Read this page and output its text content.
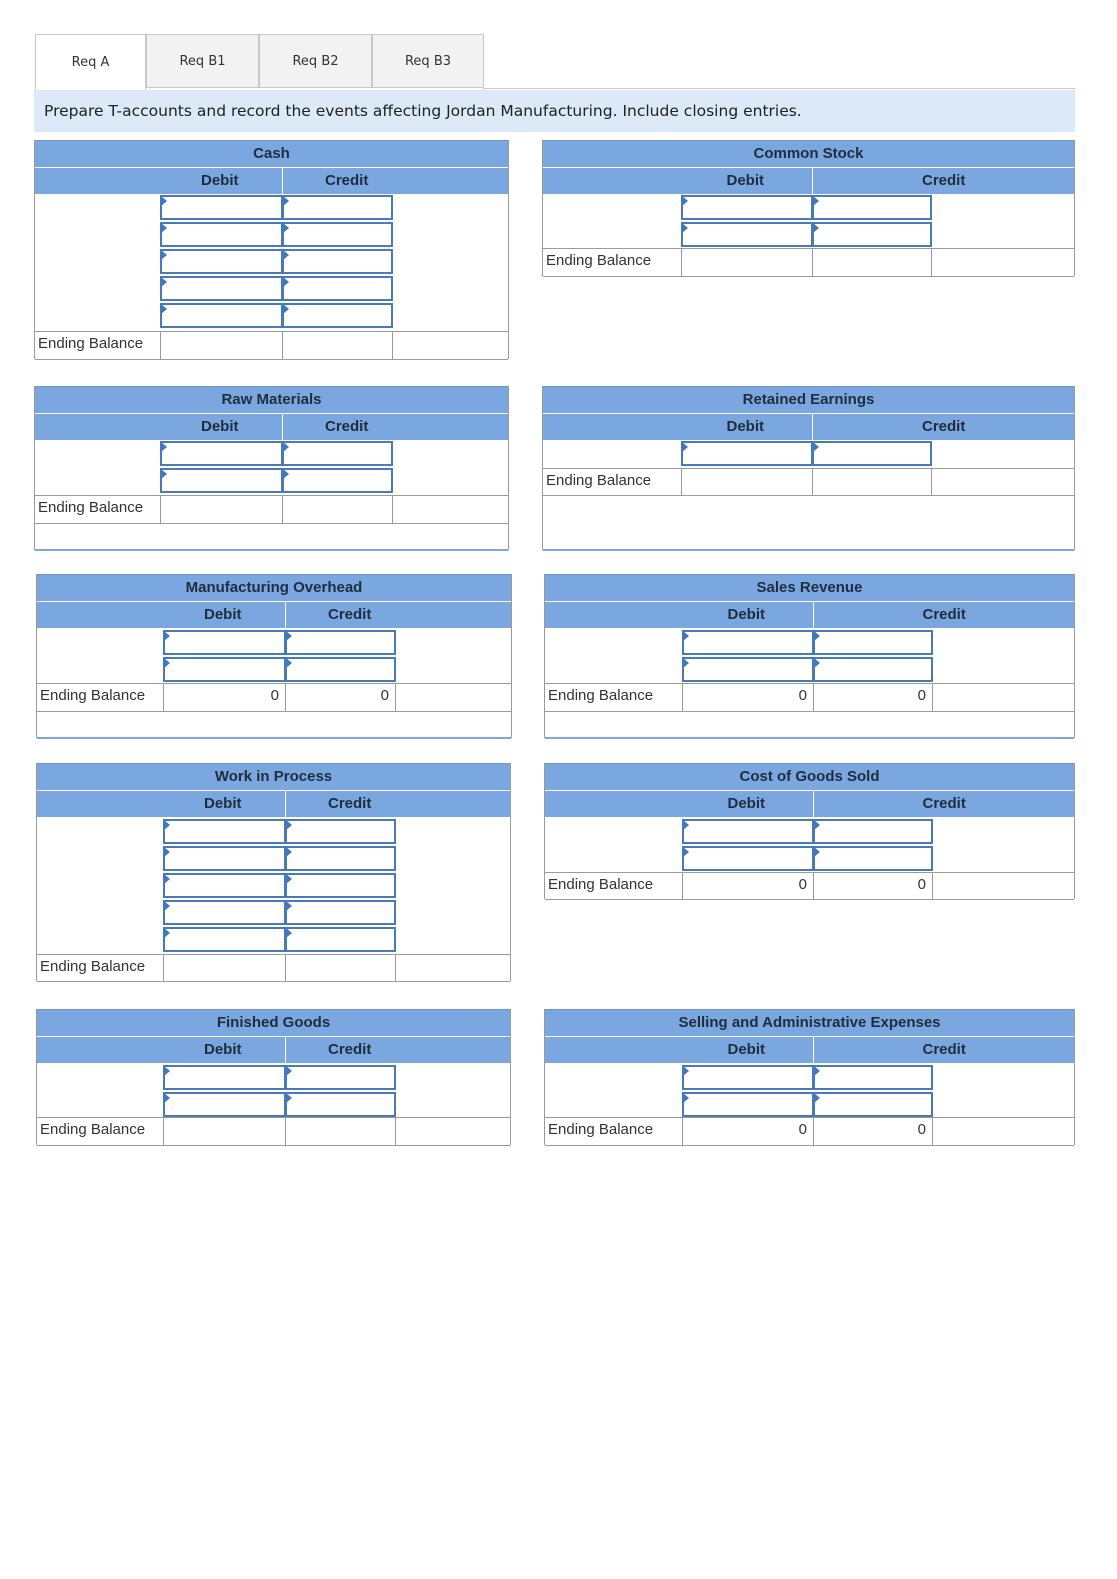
Req A	Req B1	Req B2	Req B3
Prepare T-accounts and record the events affecting Jordan Manufacturing. Include closing entries.
Cash
Debit	Credit
Ending Balance
Common Stock
Debit	Credit
Ending Balance
Raw Materials
Debit	Credit
Ending Balance
Retained Earnings
Debit	Credit
Ending Balance
Manufacturing Overhead
Debit	Credit
Ending Balance	0	0
Sales Revenue
Debit	Credit
Ending Balance	0	0
Work in Process
Debit	Credit
Ending Balance
Cost of Goods Sold
Debit	Credit
Ending Balance	0	0
Finished Goods
Debit	Credit
Ending Balance
Selling and Administrative Expenses
Debit	Credit
Ending Balance	0	0
